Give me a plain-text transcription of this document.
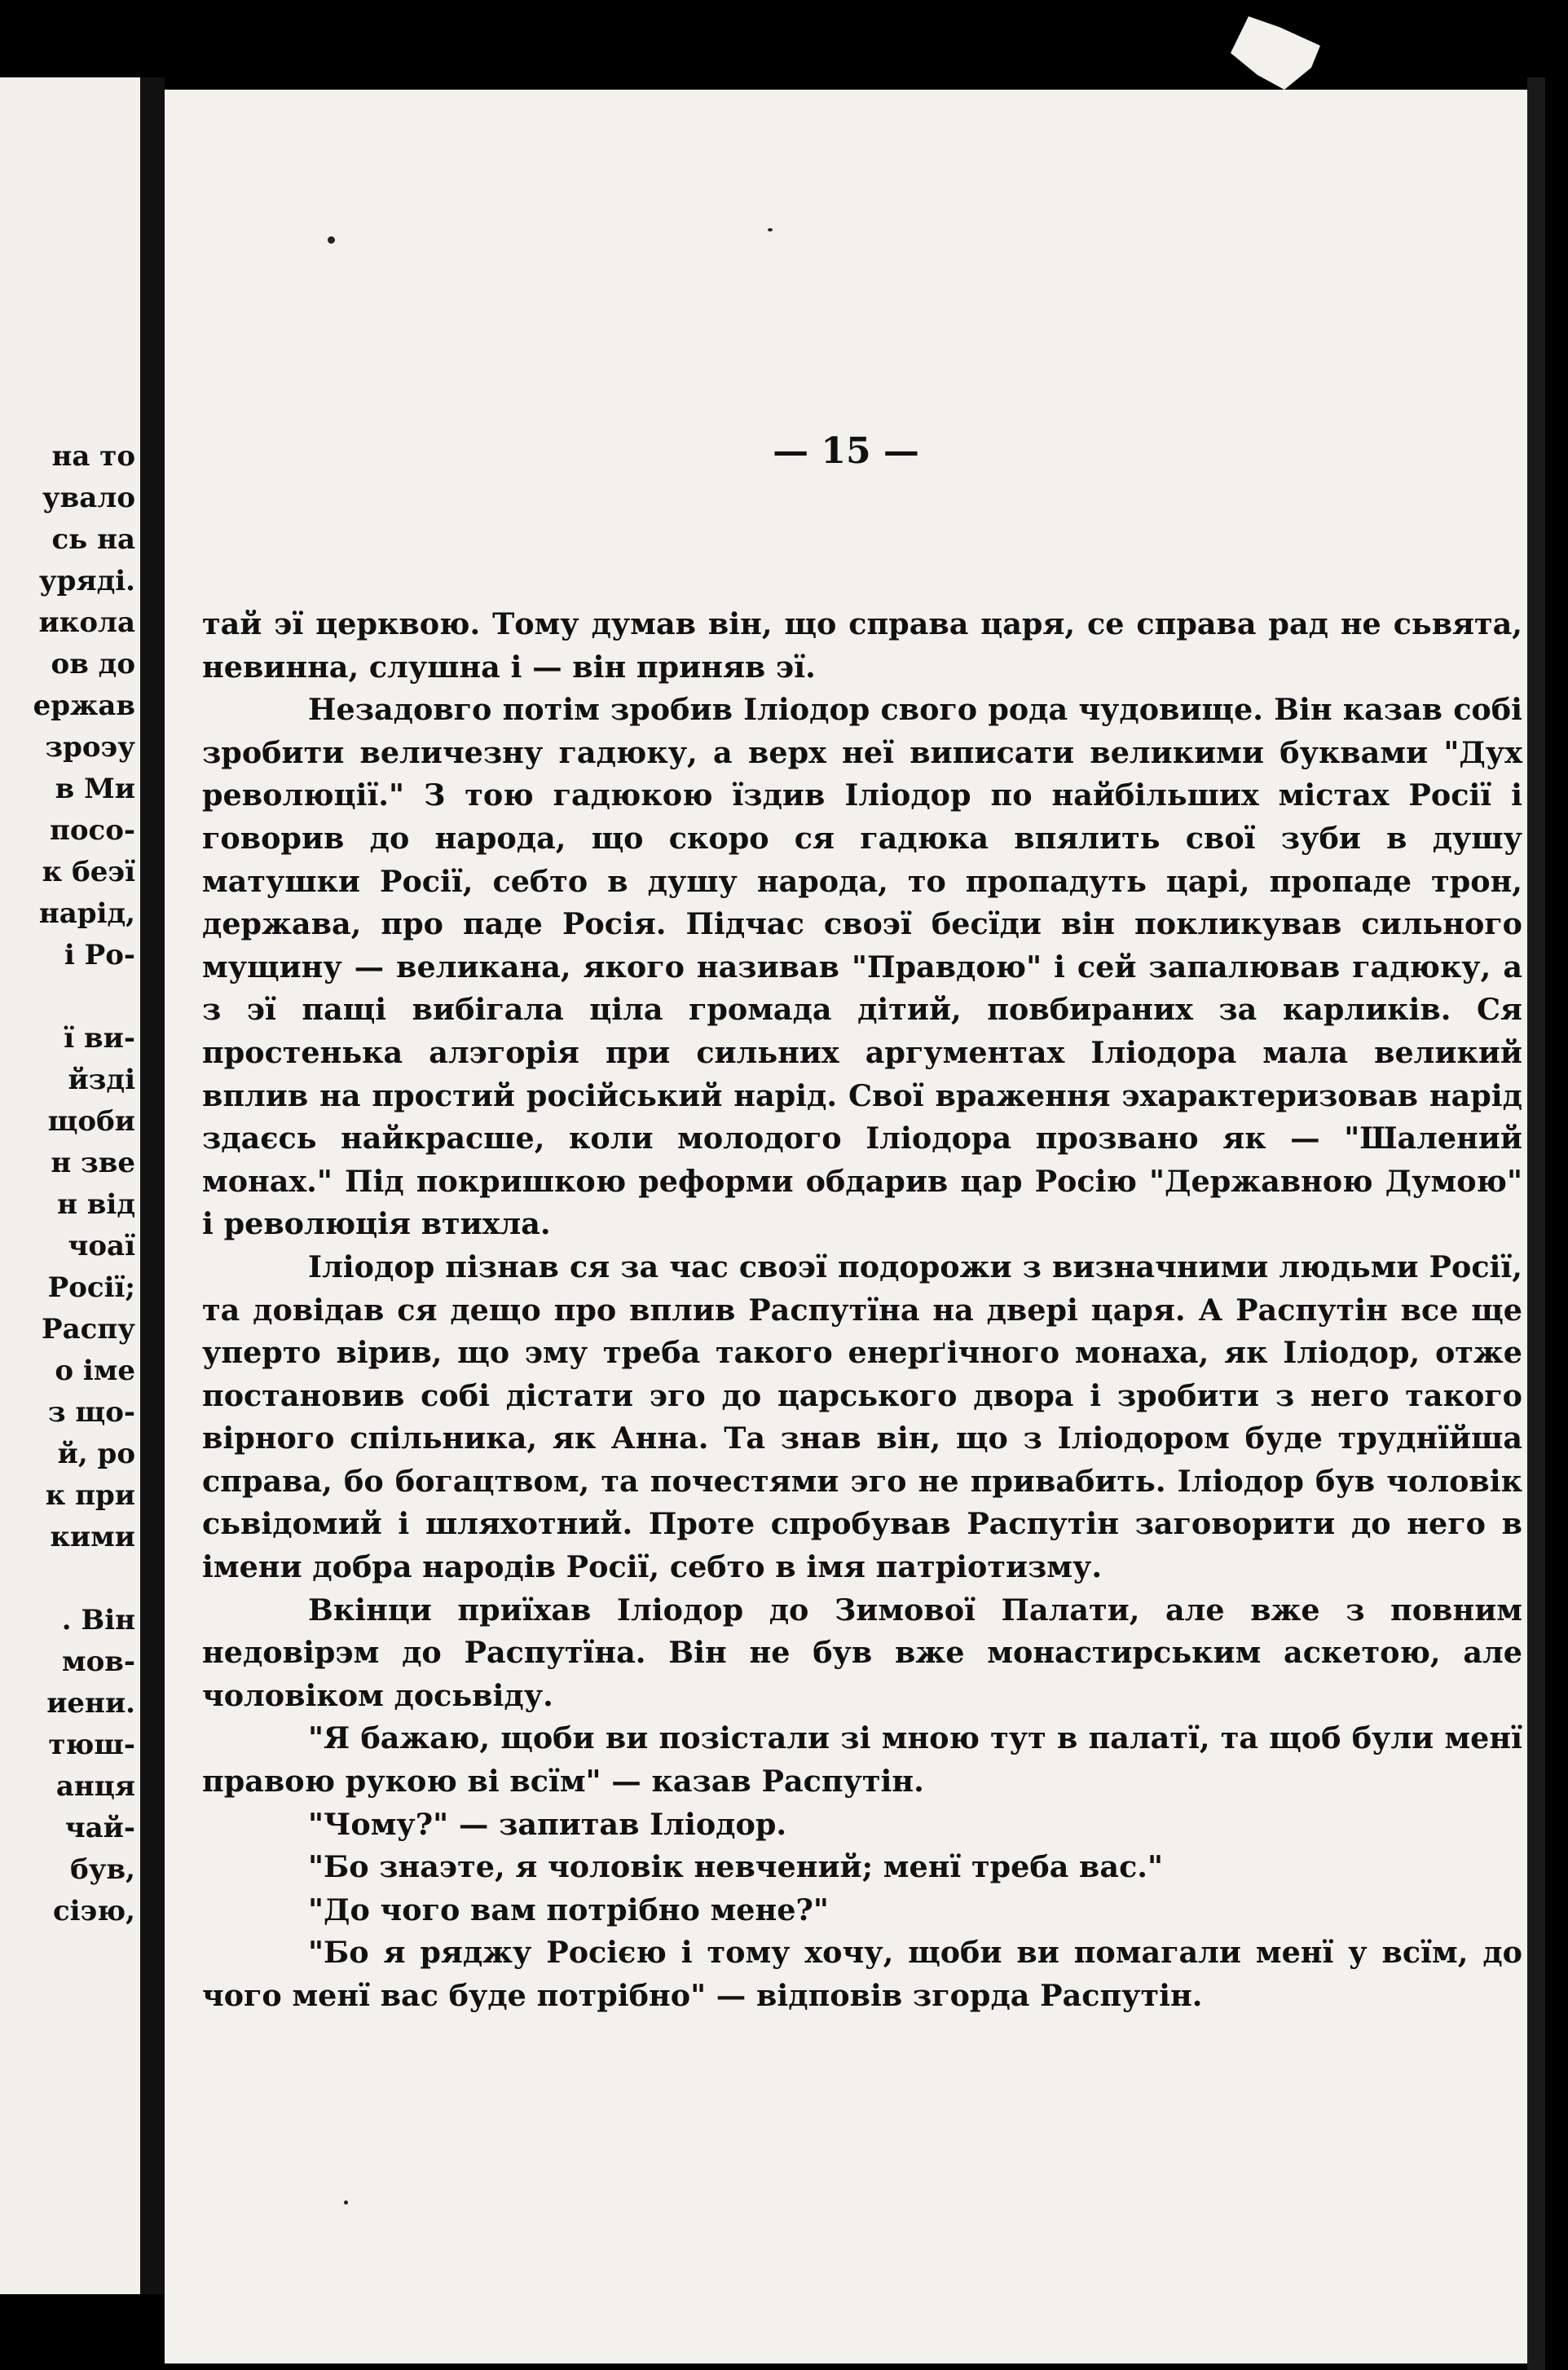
на то
увало
сь на
уряді.
икола
ов до
ержав
зроэу
в Ми
посо-
к беэї
нарід,
і Ро-
ї ви-
йзді
щоби
н зве
н від
чоаї
Росії;
Распу
о іме
з що-
й, ро
к при
кими
. Він
мов-
иени.
тюш-
анця
чай-
був,
сіэю,
— 15 —

тай эї церквою. Тому думав він, що справа царя, се справа рад не сьвята, невинна, слушна і — він приняв эї.

Незадовго потім зробив Іліодор свого рода чудовище. Він казав собі зробити величезну гадюку, а верх неї виписати великими буквами "Дух революції." З тою гадюкою їздив Іліодор по найбільших містах Росії і говорив до народа, що скоро ся гадюка впялить свої зуби в душу матушки Росії, себто в душу народа, то пропадуть царі, пропаде трон, держава, про паде Росія. Підчас своэї бесїди він покликував сильного мущину — великана, якого називав "Правдою" і сей запалював гадюку, а з эї пащі вибігала ціла громада дітий, повбираних за карликів. Ся простенька алэгорія при сильних аргументах Іліодора мала великий вплив на простий російський нарід. Свої враження эхарактеризовав нарід здаєсь найкрасше, коли молодого Іліодора прозвано як — "Шалений монах." Під покришкою реформи обдарив цар Росію "Державною Думою" і революція втихла.

Іліодор пізнав ся за час своэї подорожи з визначними людьми Росії, та довідав ся дещо про вплив Распутїна на двері царя. А Распутін все ще уперто вірив, що эму треба такого енерґічного монаха, як Іліодор, отже постановив собі дістати эго до царського двора і зробити з него такого вірного спільника, як Анна. Та знав він, що з Іліодором буде труднїйша справа, бо богацтвом, та почестями эго не привабить. Іліодор був чоловік сьвідомий і шляхотний. Проте спробував Распутін заговорити до него в імени добра народів Росії, себто в імя патріотизму.

Вкінци приїхав Іліодор до Зимової Палати, але вже з повним недовірэм до Распутїна. Він не був вже монастирським аскетою, але чоловіком досьвіду.

"Я бажаю, щоби ви позістали зі мною тут в палатї, та щоб були менї правою рукою ві всїм" — казав Распутін.

"Чому?" — запитав Іліодор.

"Бо знаэте, я чоловік невчений; менї треба вас."

"До чого вам потрібно мене?"

"Бо я ряджу Росією і тому хочу, щоби ви помагали менї у всїм, до чого менї вас буде потрібно" — відповів згорда Распутін.
